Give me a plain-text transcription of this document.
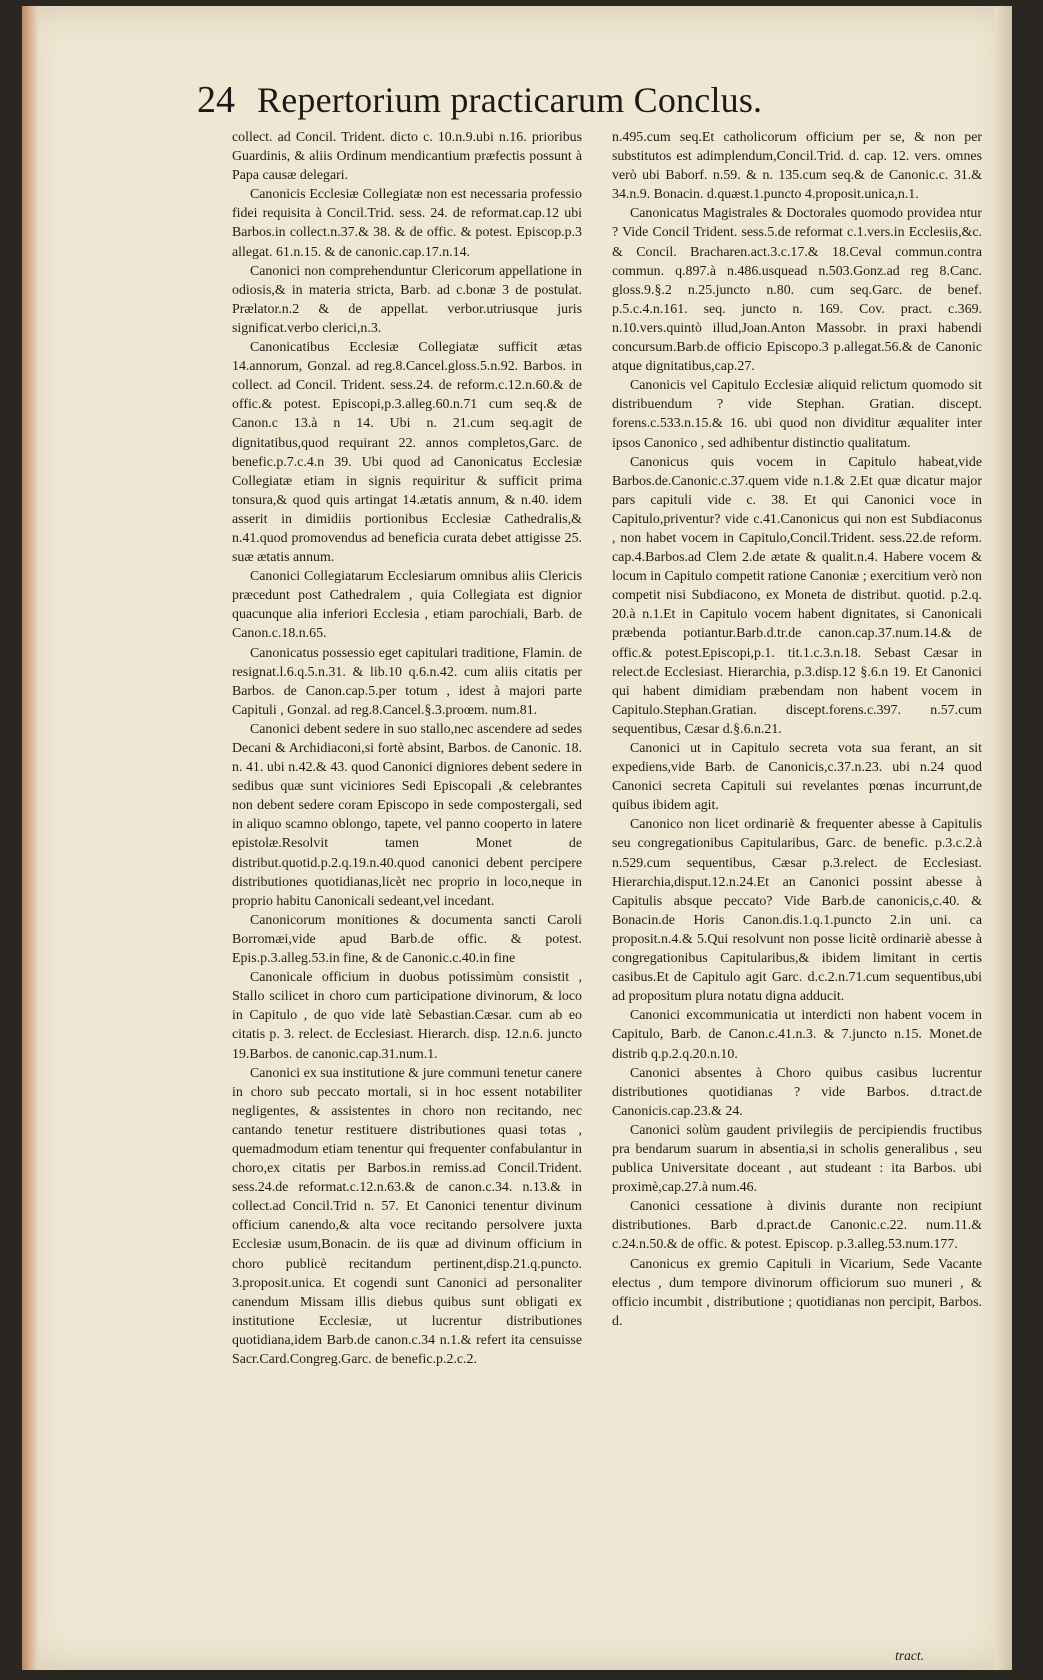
24 Repertorium practicarum Conclus.

collect. ad Concil. Trident. dicto c. 10.n.9.ubi n.16. prioribus Guardinis, & aliis Ordinum mendicantium præfectis possunt à Papa causæ delegari.

Canonicis Ecclesiæ Collegiatæ non est necessaria professio fidei requisita à Concil.Trid. sess. 24. de reformat.cap.12 ubi Barbos.in collect.n.37.& 38. & de offic. & potest. Episcop.p.3 allegat. 61.n.15. & de canonic.cap.17.n.14.

Canonici non comprehenduntur Clericorum appellatione in odiosis,& in materia stricta, Barb. ad c.bonæ 3 de postulat. Prælator.n.2 & de appellat. verbor.utriusque juris significat.verbo clerici,n.3.

Canonicatibus Ecclesiæ Collegiatæ sufficit ætas 14.annorum, Gonzal. ad reg.8.Cancel.gloss.5.n.92. Barbos. in collect. ad Concil. Trident. sess.24. de reform.c.12.n.60.& de offic.& potest. Episcopi,p.3.alleg.60.n.71 cum seq.& de Canon.c 13.à n 14. Ubi n. 21.cum seq.agit de dignitatibus,quod requirant 22. annos completos,Garc. de benefic.p.7.c.4.n 39. Ubi quod ad Canonicatus Ecclesiæ Collegiatæ etiam in signis requiritur & sufficit prima tonsura,& quod quis artingat 14.ætatis annum, & n.40. idem asserit in dimidiis portionibus Ecclesiæ Cathedralis,& n.41.quod promovendus ad beneficia curata debet attigisse 25. suæ ætatis annum.

Canonici Collegiatarum Ecclesiarum omnibus aliis Clericis præcedunt post Cathedralem , quia Collegiata est dignior quacunque alia inferiori Ecclesia , etiam parochiali, Barb. de Canon.c.18.n.65.

Canonicatus possessio eget capitulari traditione, Flamin. de resignat.l.6.q.5.n.31. & lib.10 q.6.n.42. cum aliis citatis per Barbos. de Canon.cap.5.per totum , idest à majori parte Capituli , Gonzal. ad reg.8.Cancel.§.3.proœm. num.81.

Canonici debent sedere in suo stallo,nec ascendere ad sedes Decani & Archidiaconi,si fortè absint, Barbos. de Canonic. 18. n. 41. ubi n.42.& 43. quod Canonici digniores debent sedere in sedibus quæ sunt viciniores Sedi Episcopali ,& celebrantes non debent sedere coram Episcopo in sede compostergali, sed in aliquo scamno oblongo, tapete, vel panno cooperto in latere epistolæ.Resolvit tamen Monet de distribut.quotid.p.2.q.19.n.40.quod canonici debent percipere distributiones quotidianas,licèt nec proprio in loco,neque in proprio habitu Canonicali sedeant,vel incedant.

Canonicorum monitiones & documenta sancti Caroli Borromæi,vide apud Barb.de offic. & potest. Epis.p.3.alleg.53.in fine, & de Canonic.c.40.in fine

Canonicale officium in duobus potissimùm consistit , Stallo scilicet in choro cum participatione divinorum, & loco in Capitulo , de quo vide latè Sebastian.Cæsar. cum ab eo citatis p. 3. relect. de Ecclesiast. Hierarch. disp. 12.n.6. juncto 19.Barbos. de canonic.cap.31.num.1.

Canonici ex sua institutione & jure communi tenetur canere in choro sub peccato mortali, si in hoc essent notabiliter negligentes, & assistentes in choro non recitando, nec cantando tenetur restituere distributiones quasi totas , quemadmodum etiam tenentur qui frequenter confabulantur in choro,ex citatis per Barbos.in remiss.ad Concil.Trident. sess.24.de reformat.c.12.n.63.& de canon.c.34. n.13.& in collect.ad Concil.Trid n. 57. Et Canonici tenentur divinum officium canendo,& alta voce recitando persolvere juxta Ecclesiæ usum,Bonacin. de iis quæ ad divinum officium in choro publicè recitandum pertinent,disp.21.q.puncto. 3.proposit.unica. Et cogendi sunt Canonici ad personaliter canendum Missam illis diebus quibus sunt obligati ex institutione Ecclesiæ, ut lucrentur distributiones quotidiana,idem Barb.de canon.c.34 n.1.& refert ita censuisse Sacr.Card.Congreg.Garc. de benefic.p.2.c.2.

n.495.cum seq.Et catholicorum officium per se, & non per substitutos est adimplendum,Concil.Trid. d. cap. 12. vers. omnes verò ubi Baborf. n.59. & n. 135.cum seq.& de Canonic.c. 31.& 34.n.9. Bonacin. d.quæst.1.puncto 4.proposit.unica,n.1.

Canonicatus Magistrales & Doctorales quomodo providea ntur ? Vide Concil Trident. sess.5.de reformat c.1.vers.in Ecclesiis,&c. & Concil. Bracharen.act.3.c.17.& 18.Ceval commun.contra commun. q.897.à n.486.usquead n.503.Gonz.ad reg 8.Canc. gloss.9.§.2 n.25.juncto n.80. cum seq.Garc. de benef. p.5.c.4.n.161. seq. juncto n. 169. Cov. pract. c.369. n.10.vers.quintò illud,Joan.Anton Massobr. in praxi habendi concursum.Barb.de officio Episcopo.3 p.allegat.56.& de Canonic atque dignitatibus,cap.27.

Canonicis vel Capitulo Ecclesiæ aliquid relictum quomodo sit distribuendum ? vide Stephan. Gratian. discept. forens.c.533.n.15.& 16. ubi quod non dividitur æqualiter inter ipsos Canonico , sed adhibentur distinctio qualitatum.

Canonicus quis vocem in Capitulo habeat,vide Barbos.de.Canonic.c.37.quem vide n.1.& 2.Et quæ dicatur major pars capituli vide c. 38. Et qui Canonici voce in Capitulo,priventur? vide c.41.Canonicus qui non est Subdiaconus , non habet vocem in Capitulo,Concil.Trident. sess.22.de reform. cap.4.Barbos.ad Clem 2.de ætate & qualit.n.4. Habere vocem & locum in Capitulo competit ratione Canoniæ ; exercitium verò non competit nisi Subdiacono, ex Moneta de distribut. quotid. p.2.q. 20.à n.1.Et in Capitulo vocem habent dignitates, si Canonicali præbenda potiantur.Barb.d.tr.de canon.cap.37.num.14.& de offic.& potest.Episcopi,p.1. tit.1.c.3.n.18. Sebast Cæsar in relect.de Ecclesiast. Hierarchia, p.3.disp.12 §.6.n 19. Et Canonici qui habent dimidiam præbendam non habent vocem in Capitulo.Stephan.Gratian. discept.forens.c.397. n.57.cum sequentibus, Cæsar d.§.6.n.21.

Canonici ut in Capitulo secreta vota sua ferant, an sit expediens,vide Barb. de Canonicis,c.37.n.23. ubi n.24 quod Canonici secreta Capituli sui revelantes pœnas incurrunt,de quibus ibidem agit.

Canonico non licet ordinariè & frequenter abesse à Capitulis seu congregationibus Capitularibus, Garc. de benefic. p.3.c.2.à n.529.cum sequentibus, Cæsar p.3.relect. de Ecclesiast. Hierarchia,disput.12.n.24.Et an Canonici possint abesse à Capitulis absque peccato? Vide Barb.de canonicis,c.40. & Bonacin.de Horis Canon.dis.1.q.1.puncto 2.in uni. ca proposit.n.4.& 5.Qui resolvunt non posse licitè ordinariè abesse à congregationibus Capitularibus,& ibidem limitant in certis casibus.Et de Capitulo agit Garc. d.c.2.n.71.cum sequentibus,ubi ad propositum plura notatu digna adducit.

Canonici excommunicatia ut interdicti non habent vocem in Capitulo, Barb. de Canon.c.41.n.3. & 7.juncto n.15. Monet.de distrib q.p.2.q.20.n.10.

Canonici absentes à Choro quibus casibus lucrentur distributiones quotidianas ? vide Barbos. d.tract.de Canonicis.cap.23.& 24.

Canonici solùm gaudent privilegiis de percipiendis fructibus pra bendarum suarum in absentia,si in scholis generalibus , seu publica Universitate doceant , aut studeant : ita Barbos. ubi proximè,cap.27.à num.46.

Canonici cessatione à divinis durante non recipiunt distributiones. Barb d.pract.de Canonic.c.22. num.11.& c.24.n.50.& de offic. & potest. Episcop. p.3.alleg.53.num.177.

Canonicus ex gremio Capituli in Vicarium, Sede Vacante electus , dum tempore divinorum officiorum suo muneri , & officio incumbit , distributione ; quotidianas non percipit, Barbos. d.

tract.
